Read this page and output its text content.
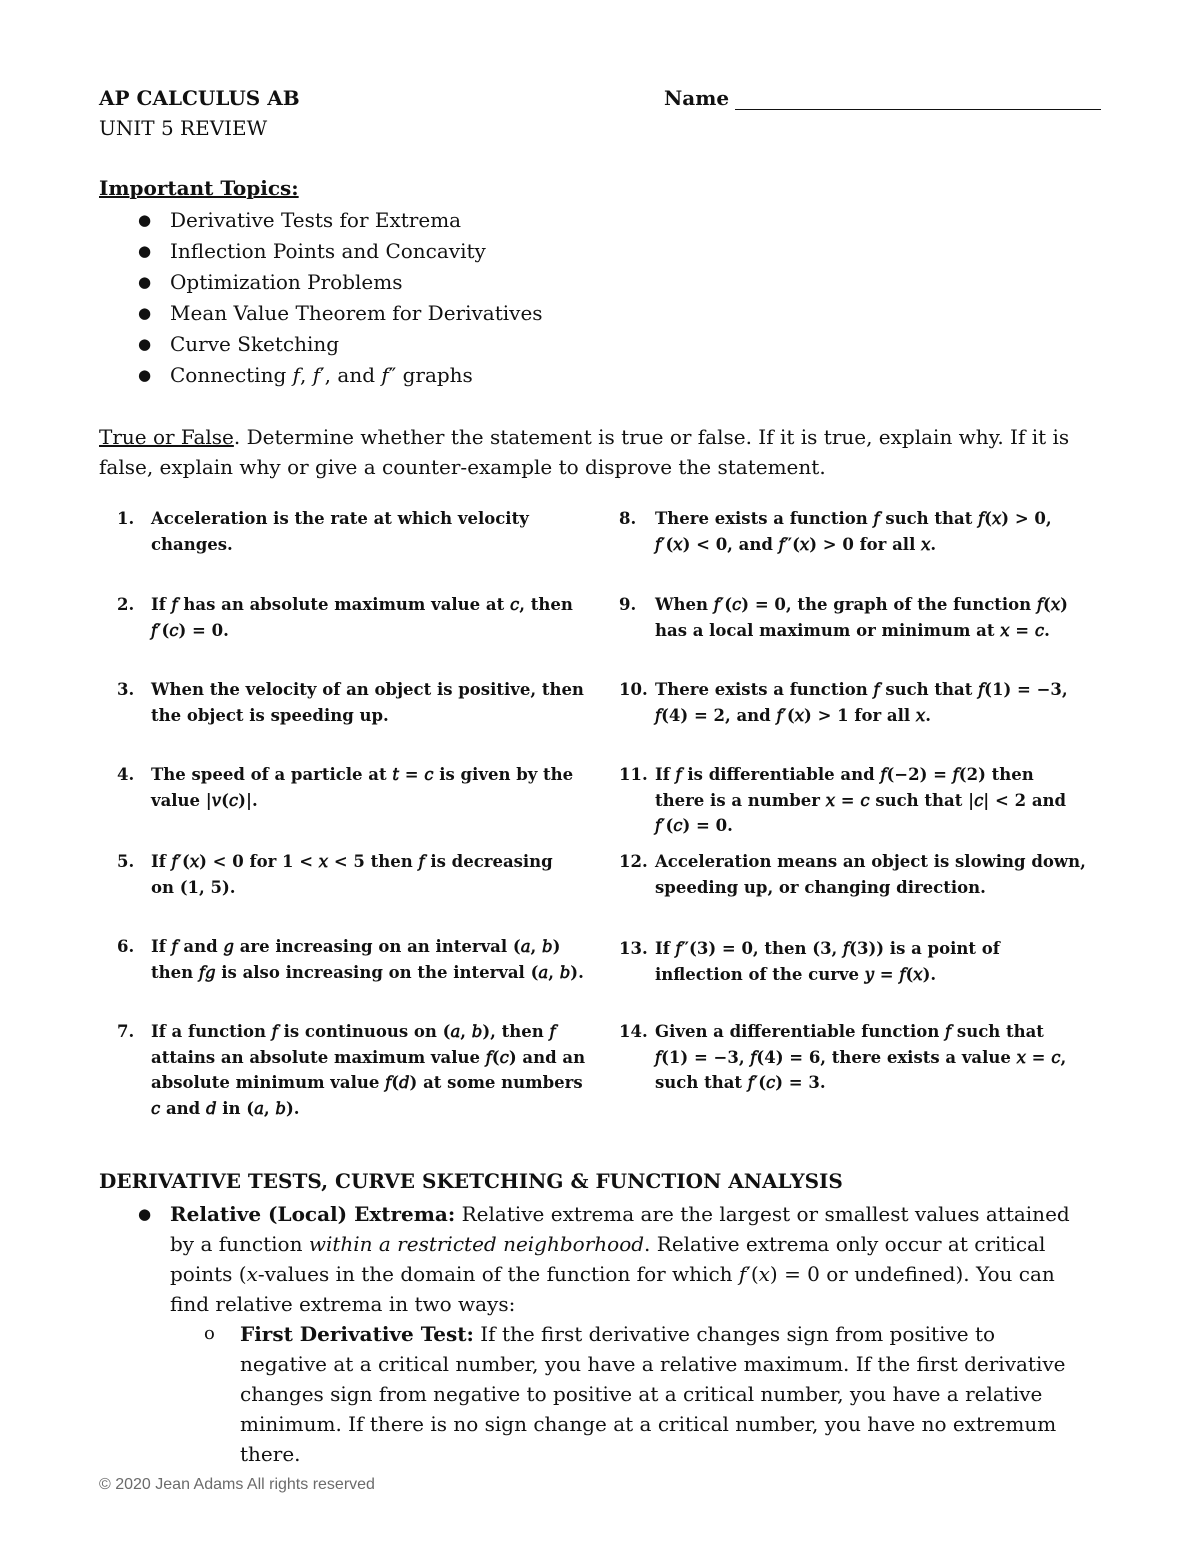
AP CALCULUS AB
UNIT 5 REVIEW
Name
Important Topics:
● Derivative Tests for Extrema
● Inflection Points and Concavity
● Optimization Problems
● Mean Value Theorem for Derivatives
● Curve Sketching
● Connecting 𝑓, 𝑓′, and 𝑓″ graphs
True or False. Determine whether the statement is true or false. If it is true, explain why. If it is false, explain why or give a counter-example to disprove the statement.
1. Acceleration is the rate at which velocity
changes.
2. If 𝑓 has an absolute maximum value at 𝑐, then
𝑓′(𝑐) = 0.
3. When the velocity of an object is positive, then
the object is speeding up.
4. The speed of a particle at 𝑡 = 𝑐 is given by the
value |𝑣(𝑐)|.
5. If 𝑓′(𝑥) < 0 for 1 < 𝑥 < 5 then 𝑓 is decreasing
on (1, 5).
6. If 𝑓 and 𝑔 are increasing on an interval (𝑎, 𝑏)
then 𝑓𝑔 is also increasing on the interval (𝑎, 𝑏).
7. If a function 𝑓 is continuous on (𝑎, 𝑏), then 𝑓
attains an absolute maximum value 𝑓(𝑐) and an
absolute minimum value 𝑓(𝑑) at some numbers
𝑐 and 𝑑 in (𝑎, 𝑏).
8. There exists a function 𝑓 such that 𝑓(𝑥) > 0,
𝑓′(𝑥) < 0, and 𝑓″(𝑥) > 0 for all 𝑥.
9. When 𝑓′(𝑐) = 0, the graph of the function 𝑓(𝑥)
has a local maximum or minimum at 𝑥 = 𝑐.
10. There exists a function 𝑓 such that 𝑓(1) = −3,
𝑓(4) = 2, and 𝑓′(𝑥) > 1 for all 𝑥.
11. If 𝑓 is differentiable and 𝑓(−2) = 𝑓(2) then
there is a number 𝑥 = 𝑐 such that |𝑐| < 2 and
𝑓′(𝑐) = 0.
12. Acceleration means an object is slowing down,
speeding up, or changing direction.
13. If 𝑓″(3) = 0, then (3, 𝑓(3)) is a point of
inflection of the curve 𝑦 = 𝑓(𝑥).
14. Given a differentiable function 𝑓 such that
𝑓(1) = −3, 𝑓(4) = 6, there exists a value 𝑥 = 𝑐,
such that 𝑓′(𝑐) = 3.
DERIVATIVE TESTS, CURVE SKETCHING & FUNCTION ANALYSIS
● Relative (Local) Extrema: Relative extrema are the largest or smallest values attained
by a function within a restricted neighborhood. Relative extrema only occur at critical
points (𝑥-values in the domain of the function for which 𝑓′(𝑥) = 0 or undefined). You can
find relative extrema in two ways:
o First Derivative Test: If the first derivative changes sign from positive to
negative at a critical number, you have a relative maximum. If the first derivative
changes sign from negative to positive at a critical number, you have a relative
minimum. If there is no sign change at a critical number, you have no extremum
there.
© 2020 Jean Adams All rights reserved
